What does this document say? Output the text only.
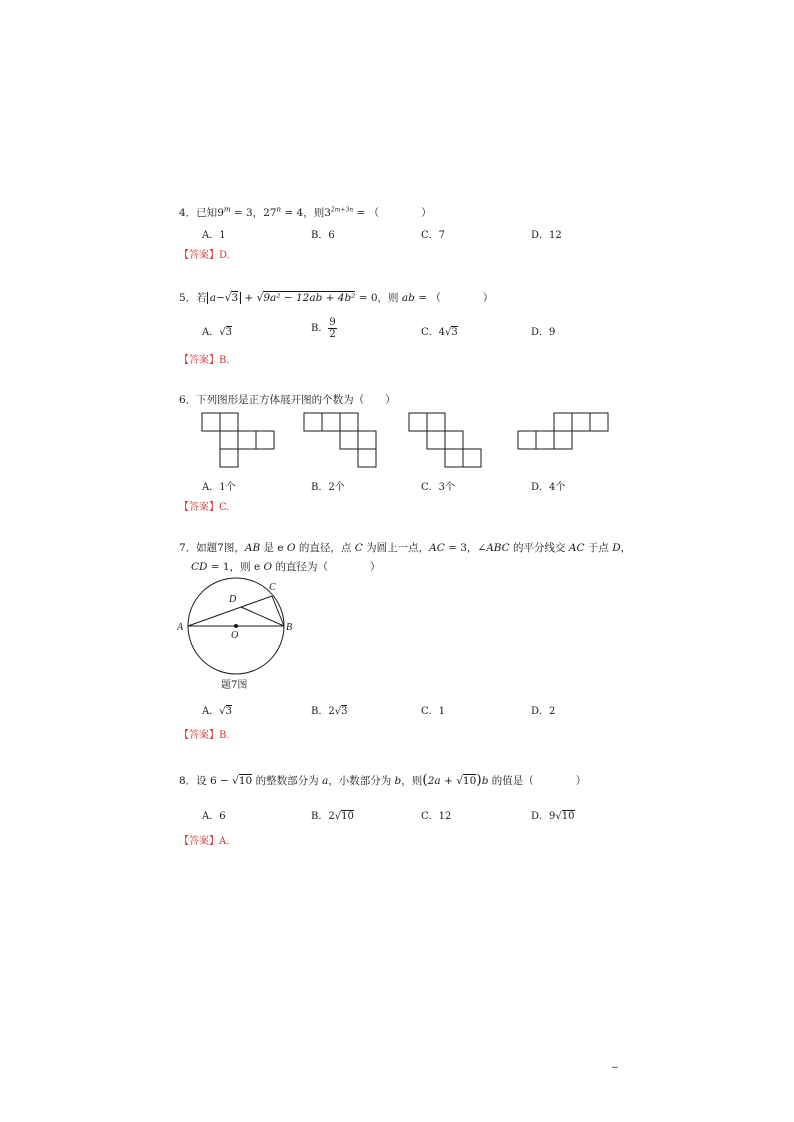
4．已知$9^m = 3$，$27^n = 4$，则$3^{2m+3n}$ = （　　　　）
A．1	B．6	C．7	D．12
【答案】D.
5．若 a−√3 + √9a² − 12ab + 4b² = 0，则 ab = （　　　　）
A．√3	B． $\frac{9}{2}$	C．4√3	D．9
【答案】B.
6．下列图形是正方体展开图的个数为（　　）
A．1个	B．2个	C．3个	D．4个
【答案】C.
7．如题7图，AB 是 e O 的直径，点 C 为圆上一点，AC = 3，∠ABC 的平分线交 AC 于点 D，
CD = 1，则 e O 的直径为（　　　　）
A	B
C
D
O
题7图
A．√3	B．2√3	C．1	D．2
【答案】B.
8．设 6 − √10 的整数部分为 a，小数部分为 b，则(2a + √10)b 的值是（　　　　）
A．6	B．2√10	C．12	D．9√10
【答案】A.
~
